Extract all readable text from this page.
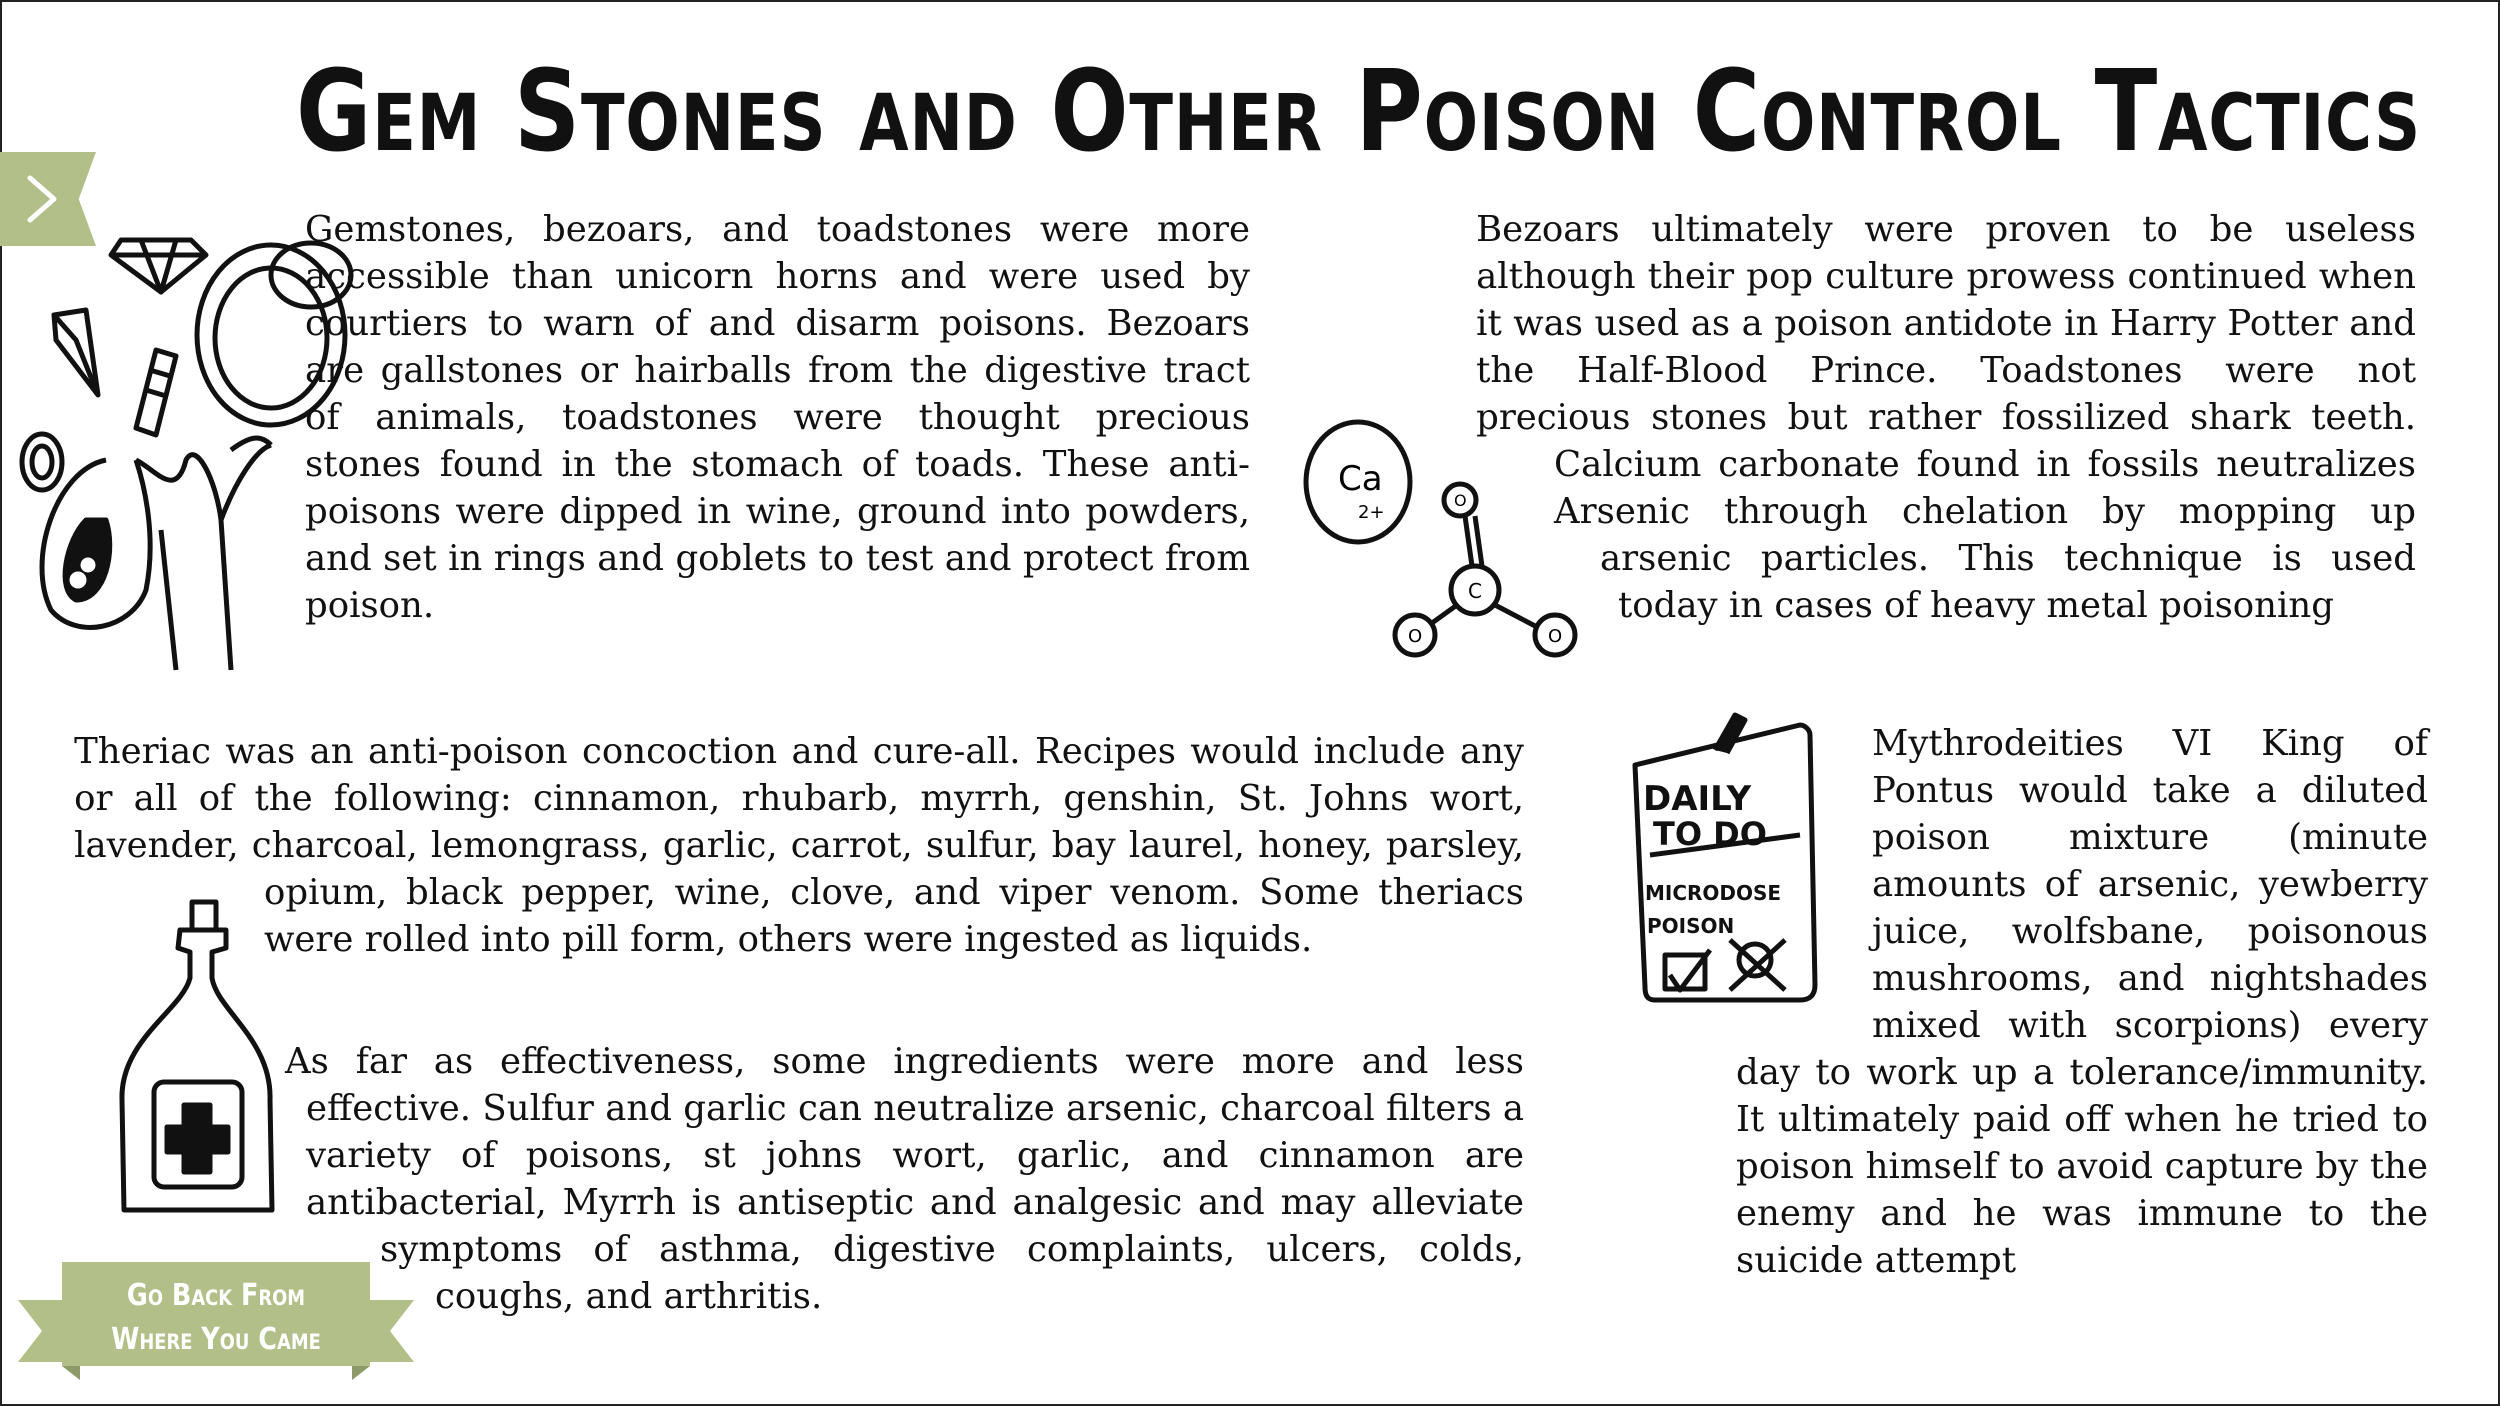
Gem Stones and Other Poison Control Tactics

Gemstones, bezoars, and toadstones were more accessible than unicorn horns and were used by courtiers to warn of and disarm poisons. Bezoars are gallstones or hairballs from the digestive tract of animals, toadstones were thought precious stones found in the stomach of toads. These anti-poisons were dipped in wine, ground into powders, and set in rings and goblets to test and protect from poison.

Ca
2+
C
O
O	O
Bezoars ultimately were proven to be useless although their pop culture prowess continued when it was used as a poison antidote in Harry Potter and the Half-Blood Prince. Toadstones were not precious stones but rather fossilized shark teeth. Calcium carbonate found in fossils neutralizes Arsenic through chelation by mopping up arsenic particles. This technique is used today in cases of heavy metal poisoning
Theriac was an anti-poison concoction and cure-all. Recipes would include any or all of the following: cinnamon, rhubarb, myrrh, genshin, St. Johns wort, lavender, charcoal, lemongrass, garlic, carrot, sulfur, bay laurel, honey, parsley, opium, black pepper, wine, clove, and viper venom. Some theriacs were rolled into pill form, others were ingested as liquids.
As far as effectiveness, some ingredients were more and less effective. Sulfur and garlic can neutralize arsenic, charcoal filters a variety of poisons, st johns wort, garlic, and cinnamon are antibacterial, Myrrh is antiseptic and analgesic and may alleviate symptoms of asthma, digestive complaints, ulcers, colds, coughs, and arthritis.
DAILY
TO DO
MICRODOSE
POISON
Mythrodeities VI King of Pontus would take a diluted poison mixture (minute amounts of arsenic, yewberry juice, wolfsbane, poisonous mushrooms, and nightshades mixed with scorpions) every day to work up a tolerance/immunity. It ultimately paid off when he tried to poison himself to avoid capture by the enemy and he was immune to the suicide attempt
Go Back From
Where You Came
